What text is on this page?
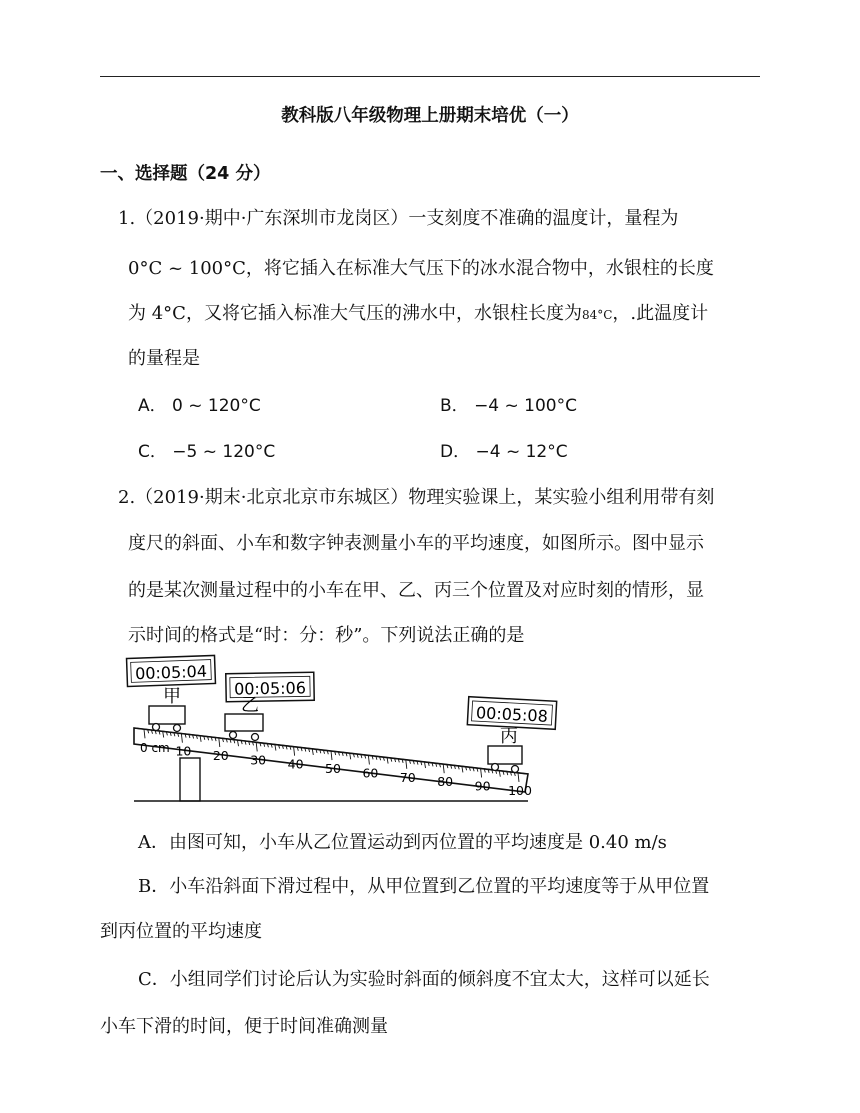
教科版八年级物理上册期末培优（一）
一、选择题（24 分）
1.（2019·期中·广东深圳市龙岗区）一支刻度不准确的温度计，量程为
0°C ~ 100°C，将它插入在标准大气压下的冰水混合物中，水银柱的长度
为 4°C，又将它插入标准大气压的沸水中，水银柱长度为84°C，.此温度计
的量程是
A． 0 ~ 120°C	B． −4 ~ 100°C
C． −5 ~ 120°C	D． −4 ~ 12°C
2.（2019·期末·北京北京市东城区）物理实验课上，某实验小组利用带有刻
度尺的斜面、小车和数字钟表测量小车的平均速度，如图所示。图中显示
的是某次测量过程中的小车在甲、乙、丙三个位置及对应时刻的情形，显
示时间的格式是“时：分：秒”。下列说法正确的是
0 cm 10 20 30 40 50 60 70 80 90 100
00:05:04
00:05:06
00:05:08
甲	乙
丙
A．由图可知，小车从乙位置运动到丙位置的平均速度是 0.40 m/s
B．小车沿斜面下滑过程中，从甲位置到乙位置的平均速度等于从甲位置
到丙位置的平均速度
C．小组同学们讨论后认为实验时斜面的倾斜度不宜太大，这样可以延长
小车下滑的时间，便于时间准确测量
